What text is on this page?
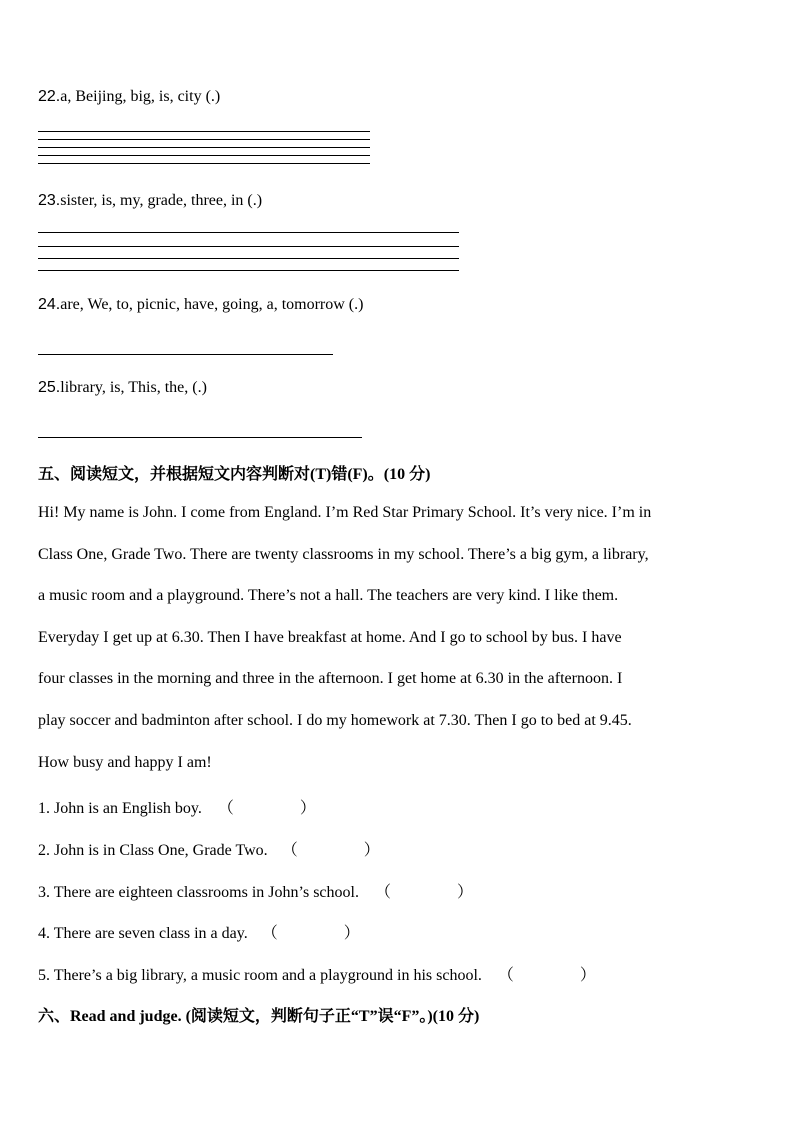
22.a, Beijing, big, is, city (.)
23.sister, is, my, grade, three, in (.)
24.are, We, to, picnic, have, going, a, tomorrow (.)
25.library, is, This, the, (.)
五、阅读短文，并根据短文内容判断对(T)错(F)。(10 分)
Hi! My name is John. I come from England. I’m Red Star Primary School. It’s very nice. I’m in
Class One, Grade Two. There are twenty classrooms in my school. There’s a big gym, a library,
a music room and a playground. There’s not a hall. The teachers are very kind. I like them.
Everyday I get up at 6.30. Then I have breakfast at home. And I go to school by bus. I have
four classes in the morning and three in the afternoon. I get home at 6.30 in the afternoon. I
play soccer and badminton after school. I do my homework at 7.30. Then I go to bed at 9.45.
How busy and happy I am!
1. John is an English boy. （	）
2. John is in Class One, Grade Two. （	）
3. There are eighteen classrooms in John’s school. （	）
4. There are seven class in a day. （	）
5. There’s a big library, a music room and a playground in his school. （	）
六、Read and judge. (阅读短文，判断句子正“T”误“F”。)(10 分)
